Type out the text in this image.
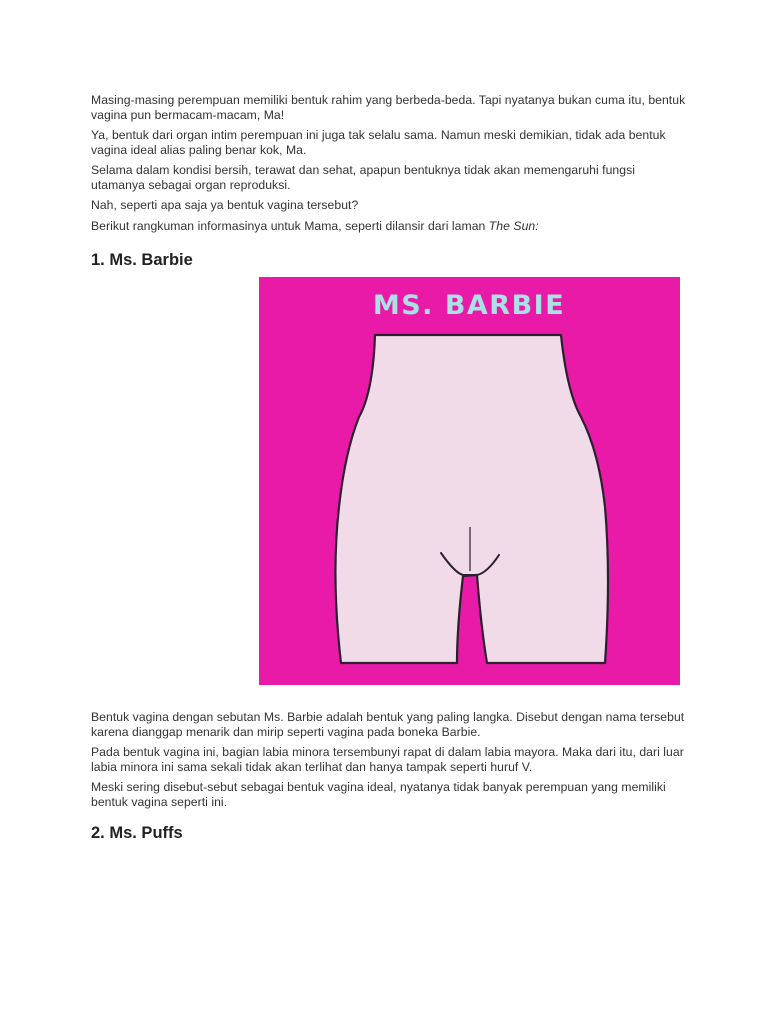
Masing-masing perempuan memiliki bentuk rahim yang berbeda-beda. Tapi nyatanya bukan cuma itu, bentuk vagina pun bermacam-macam, Ma!

Ya, bentuk dari organ intim perempuan ini juga tak selalu sama. Namun meski demikian, tidak ada bentuk vagina ideal alias paling benar kok, Ma.

Selama dalam kondisi bersih, terawat dan sehat, apapun bentuknya tidak akan memengaruhi fungsi utamanya sebagai organ reproduksi.

Nah, seperti apa saja ya bentuk vagina tersebut?

Berikut rangkuman informasinya untuk Mama, seperti dilansir dari laman The Sun:

1. Ms. Barbie
MS. BARBIE

Bentuk vagina dengan sebutan Ms. Barbie adalah bentuk yang paling langka. Disebut dengan nama tersebut karena dianggap menarik dan mirip seperti vagina pada boneka Barbie.

Pada bentuk vagina ini, bagian labia minora tersembunyi rapat di dalam labia mayora. Maka dari itu, dari luar labia minora ini sama sekali tidak akan terlihat dan hanya tampak seperti huruf V.

Meski sering disebut-sebut sebagai bentuk vagina ideal, nyatanya tidak banyak perempuan yang memiliki bentuk vagina seperti ini.

2. Ms. Puffs
